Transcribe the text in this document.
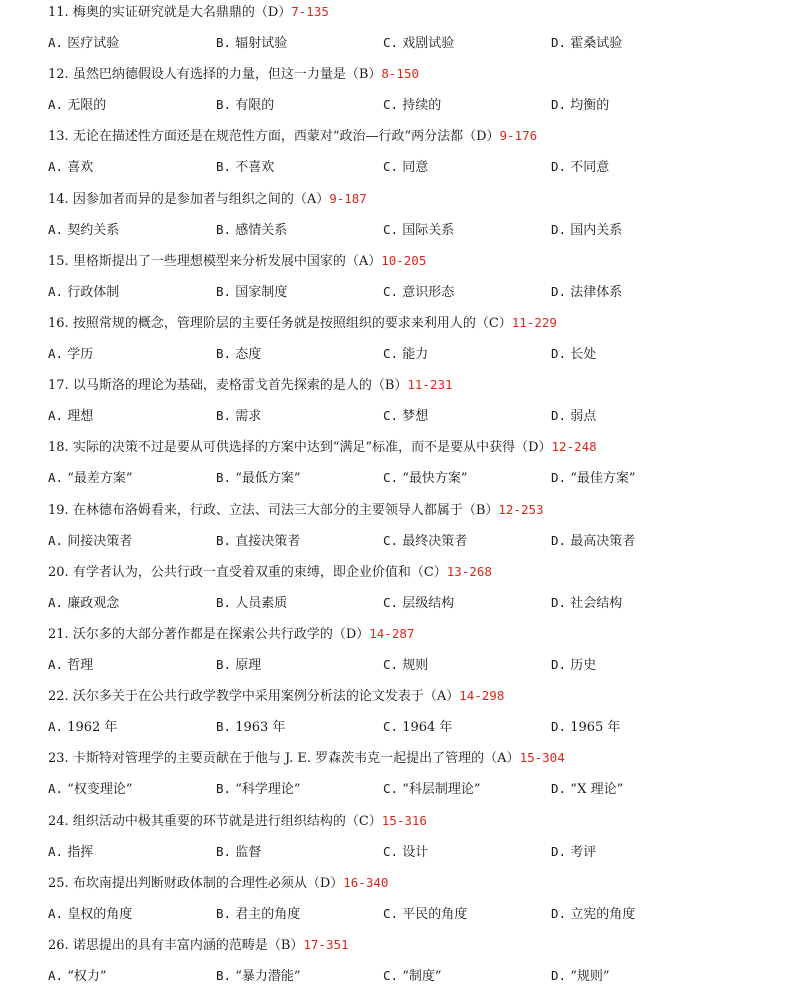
11. 梅奥的实证研究就是大名鼎鼎的（D）7-135
A. 医疗试验	B. 辐射试验	C. 戏剧试验	D. 霍桑试验
12. 虽然巴纳德假设人有选择的力量，但这一力量是（B）8-150
A. 无限的	B. 有限的	C. 持续的	D. 均衡的
13. 无论在描述性方面还是在规范性方面，西蒙对“政治—行政”两分法都（D）9-176
A. 喜欢	B. 不喜欢	C. 同意	D. 不同意
14. 因参加者而异的是参加者与组织之间的（A）9-187
A. 契约关系	B. 感情关系	C. 国际关系	D. 国内关系
15. 里格斯提出了一些理想模型来分析发展中国家的（A）10-205
A. 行政体制	B. 国家制度	C. 意识形态	D. 法律体系
16. 按照常规的概念，管理阶层的主要任务就是按照组织的要求来利用人的（C）11-229
A. 学历	B. 态度	C. 能力	D. 长处
17. 以马斯洛的理论为基础，麦格雷戈首先探索的是人的（B）11-231
A. 理想	B. 需求	C. 梦想	D. 弱点
18. 实际的决策不过是要从可供选择的方案中达到“满足”标准，而不是要从中获得（D）12-248
A. “最差方案”	B. “最低方案”	C. “最快方案”	D. “最佳方案”
19. 在林德布洛姆看来，行政、立法、司法三大部分的主要领导人都属于（B）12-253
A. 间接决策者	B. 直接决策者	C. 最终决策者	D. 最高决策者
20. 有学者认为，公共行政一直受着双重的束缚，即企业价值和（C）13-268
A. 廉政观念	B. 人员素质	C. 层级结构	D. 社会结构
21. 沃尔多的大部分著作都是在探索公共行政学的（D）14-287
A. 哲理	B. 原理	C. 规则	D. 历史
22. 沃尔多关于在公共行政学教学中采用案例分析法的论文发表于（A）14-298
A. 1962 年	B. 1963 年	C. 1964 年	D. 1965 年
23. 卡斯特对管理学的主要贡献在于他与 J. E. 罗森茨韦克一起提出了管理的（A）15-304
A. “权变理论”	B. “科学理论”	C. “科层制理论”	D. “X 理论”
24. 组织活动中极其重要的环节就是进行组织结构的（C）15-316
A. 指挥	B. 监督	C. 设计	D. 考评
25. 布坎南提出判断财政体制的合理性必须从（D）16-340
A. 皇权的角度	B. 君主的角度	C. 平民的角度	D. 立宪的角度
26. 诺思提出的具有丰富内涵的范畴是（B）17-351
A. “权力”	B. “暴力潜能”	C. “制度”	D. “规则”
